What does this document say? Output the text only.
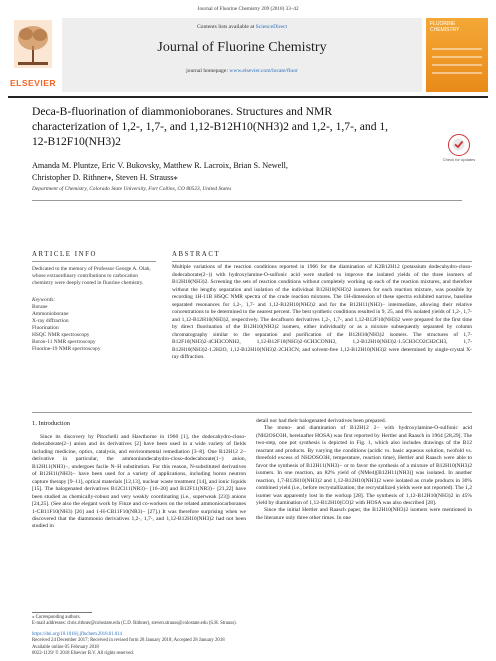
Journal of Fluorine Chemistry 209 (2018) 33–42
ELSEVIER
Contents lists available at ScienceDirect
Journal of Fluorine Chemistry
journal homepage: www.elsevier.com/locate/fluor
FLUORINE CHEMISTRY
Deca-B-fluorination of diammonioboranes. Structures and NMR
characterization of 1,2-, 1,7-, and 1,12-B12H10(NH3)2 and 1,2-, 1,7-, and 1,
12-B12F10(NH3)2
Check for updates
Amanda M. Pluntze, Eric V. Bukovsky, Matthew R. Lacroix, Brian S. Newell,
Christopher D. Rithner⁎, Steven H. Strauss⁎
Department of Chemistry, Colorado State University, Fort Collins, CO 80523, United States
ARTICLE INFO	ABSTRACT
Dedicated to the memory of Professor George A. Olah, whose extraordinary contributions to carbocation chemistry were deeply rooted in fluorine chemistry.
Keywords:
Borane
Ammonioborane
X-ray diffraction
Fluorination
HSQC NMR spectroscopy
Boron-11 NMR spectroscopy
Fluorine-19 NMR spectroscopy
Multiple variations of the reaction conditions reported in 1966 for the diamination of K2B12H12 (potassium dodecahydro-closo-dodecaborate(2−)) with hydroxylamine-O-sulfonic acid were studied to improve the isolated yields of the three isomers of B12H10(NH3)2. Screening the sets of reaction conditions without completely working up each of the reaction mixtures, and therefore without the lengthy separation and isolation of the individual B12H10(NH3)2 isomers for each reaction mixture, was possible by recording 1H-11B HSQC NMR spectra of the crude reaction mixtures. The 1H-dimension of these spectra exhibited narrow, baseline separated resonances for 1,2-, 1,7- and 1,12-B12H10(NH3)2 and for the B12H11(NH3)− intermediate, allowing their relative concentrations to be determined to the nearest percent. The best synthetic conditions resulted in 9, 25, and 6% isolated yields of 1,2-, 1,7- and 1,12-B12H10(NH3)2, respectively. The decafluoro derivatives 1,2-, 1,7-, and 1,12-B12F10(NH3)2 were prepared for the first time by direct fluorination of the B12H10(NH3)2 isomers, either individually or as a mixture subsequently separated by column chromatography similar to the separation and purification of the B12H10(NH3)2 isomers. The structures of 1,7-B12F10(NH3)2·4CH3CONH2, 1,12-B12F10(NH3)2·6CH3CONH2, 1,2-B12H10(NH3)2·1.5CH3CO2CH2CH3, 1,7-B12H10(NH3)2·1.2H2O, 1,12-B12H10(NH3)2·2CH3CN, and solvent-free 1,12-B12H10(NH3)2 were determined by single-crystal X-ray diffraction.
1. Introduction

Since its discovery by Pitochelli and Hawthorne in 1960 [1], the dodecahydro-closo-dodecaborate(2−) anion and its derivatives [2] have been used in a wide variety of fields including medicine, optics, catalysis, and environmental remediation [3–8]. One B12H12 2− derivative in particular, the ammoniundecahydro-closo-dodecaborate(1−) anion, B12H11(NH3)−, undergoes facile N–H substitution. For this reason, N-substituted derivatives of B12H11(NH3)− have been used for a variety of applications, including boron neutron capture therapy [9–11], optical materials [12,13], nuclear waste treatment [14], and ionic liquids [15]. The halogenated derivatives B12Cl11(NR3)− [16–20] and B12F11(NR3)− [21,22] have been studied as chemically-robust and very weakly coordinating (i.e., superweak [23]) anions [24,25]. (See also the elegant work by Finze and co-workers on the related ammoniocarboranes 1-CB11F10(NH3) [26] and 1-H-CB11F10(NR3)− [27].) It was therefore surprising when we discovered that the diammonio derivatives 1,2-, 1,7-, and 1,12-B12H10(NH3)2 had not been studied in

detail nor had their halogenated derivatives been prepared.

The mono- and diamination of B12H12 2− with hydroxylamine-O-sulfonic acid (NH2OSO3H, hereinafter HOSA) was first reported by Hertler and Raasch in 1964 [28,29]. The two-step, one pot synthesis is depicted in Fig. 1, which also includes drawings of the B12 reactant and products. By varying the conditions (acidic vs. basic aqueous solution, twofold vs. threefold excess of NH2OSO3H, temperature, reaction time), Hertler and Raasch were able to favor the synthesis of B12H11(NH3)− or to favor the synthesis of a mixture of B12H10(NH3)2 isomers. In one reaction, an 82% yield of (NMe4)[B12H11(NH3)] was isolated. In another reaction, 1,7-B12H10(NH3)2 and 1,12-B12H10(NH3)2 were isolated as crude products in 30% combined yield (i.e., before recrystallization; the recrystallized yields were not reported). The 1,2 isomer was apparently lost in the workup [28]. The synthesis of 1,12-B12H10(NH3)2 in 45% yield by diamination of 1,12-B12H10(CO)2 with HOSA was also described [28].

Since the initial Hertler and Raasch paper, the B12H10(NH3)2 isomers were mentioned in the literature only three other times. In one

⁎ Corresponding authors.
E-mail addresses: chris.rithner@colostate.edu (C.D. Rithner), steven.strauss@colostate.edu (S.H. Strauss).
https://doi.org/10.1016/j.jfluchem.2018.01.014
Received 24 December 2017; Received in revised form 28 January 2018; Accepted 28 January 2018
Available online 05 February 2018
0022-1139/ © 2018 Elsevier B.V. All rights reserved.
